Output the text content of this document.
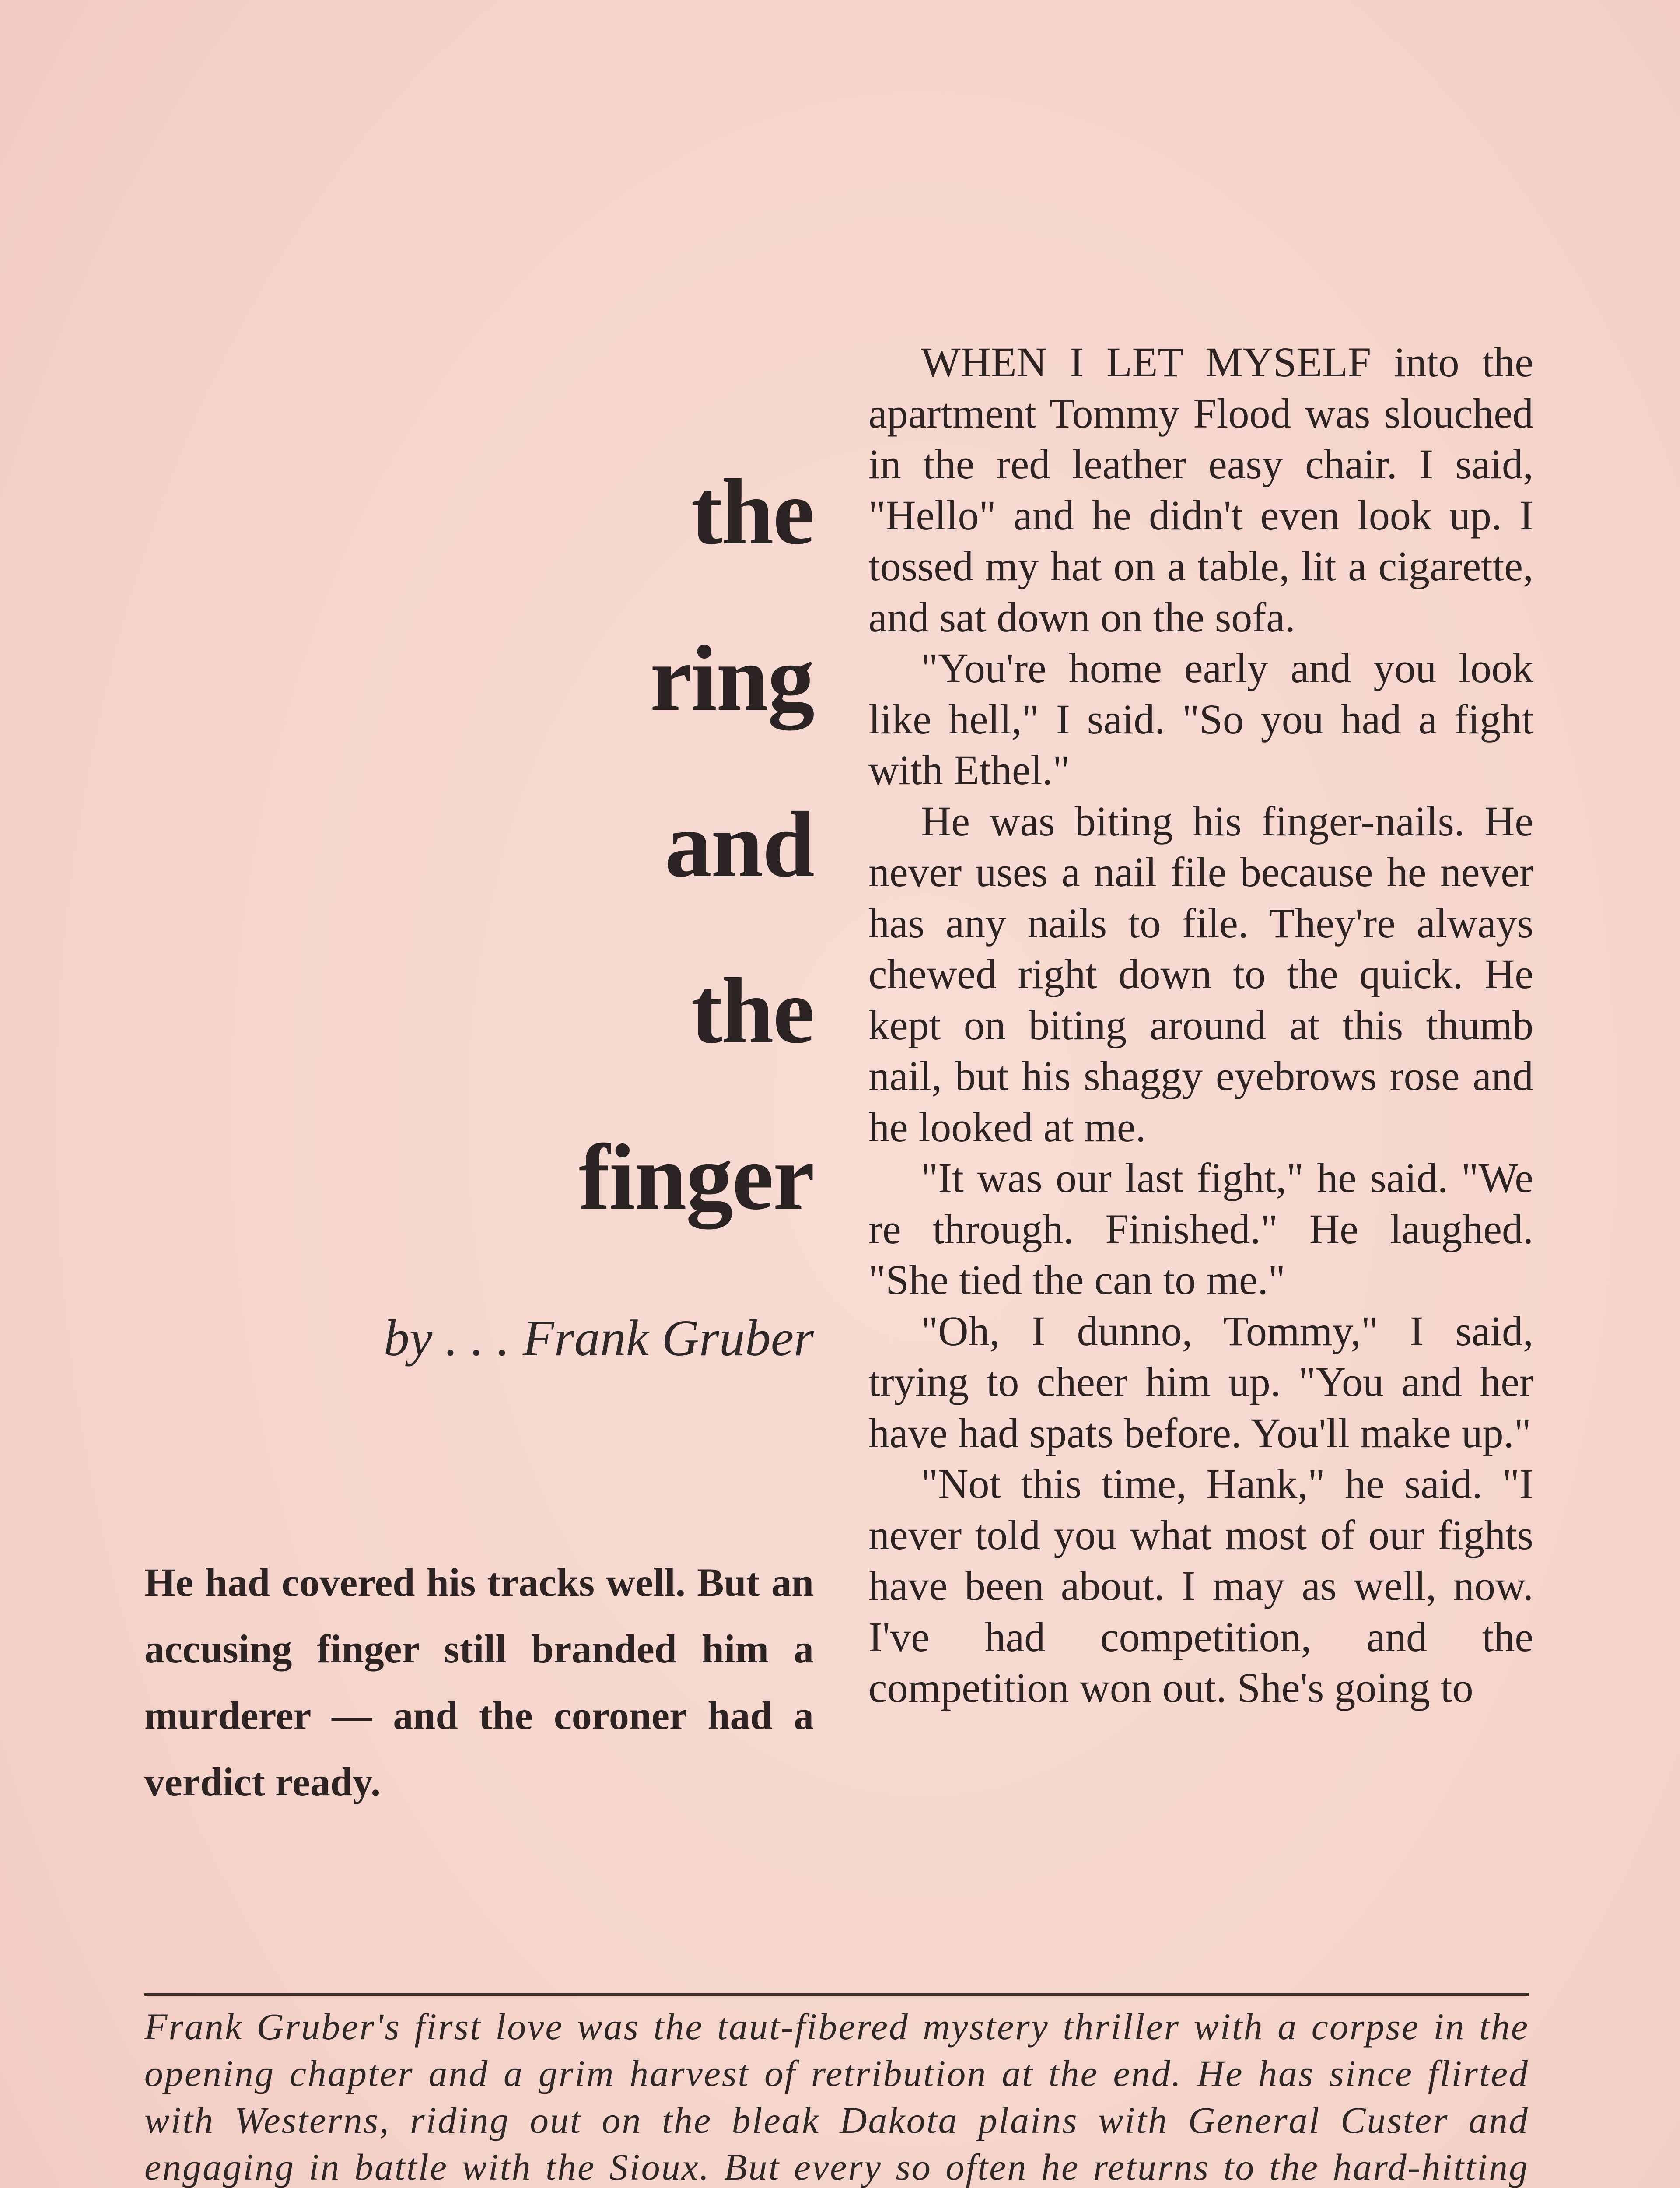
the
ring
and
the
finger
by . . . Frank Gruber
He had covered his tracks well. But an accusing finger still branded him a murderer — and the coroner had a verdict ready.

WHEN I LET MYSELF into the apartment Tommy Flood was slouched in the red leather easy chair. I said, "Hello" and he didn't even look up. I tossed my hat on a table, lit a cigarette, and sat down on the sofa.

"You're home early and you look like hell," I said. "So you had a fight with Ethel."

He was biting his finger-nails. He never uses a nail file because he never has any nails to file. They're always chewed right down to the quick. He kept on biting around at this thumb nail, but his shaggy eyebrows rose and he looked at me.

"It was our last fight," he said. "We re through. Finished." He laughed. "She tied the can to me."

"Oh, I dunno, Tommy," I said, trying to cheer him up. "You and her have had spats before. You'll make up."

"Not this time, Hank," he said. "I never told you what most of our fights have been about. I may as well, now. I've had competition, and the competition won out. She's going to

Frank Gruber's first love was the taut-fibered mystery thriller with a corpse in the opening chapter and a grim harvest of retribution at the end. He has since flirted with Westerns, riding out on the bleak Dakota plains with General Custer and engaging in battle with the Sioux. But every so often he returns to the hard-hitting
